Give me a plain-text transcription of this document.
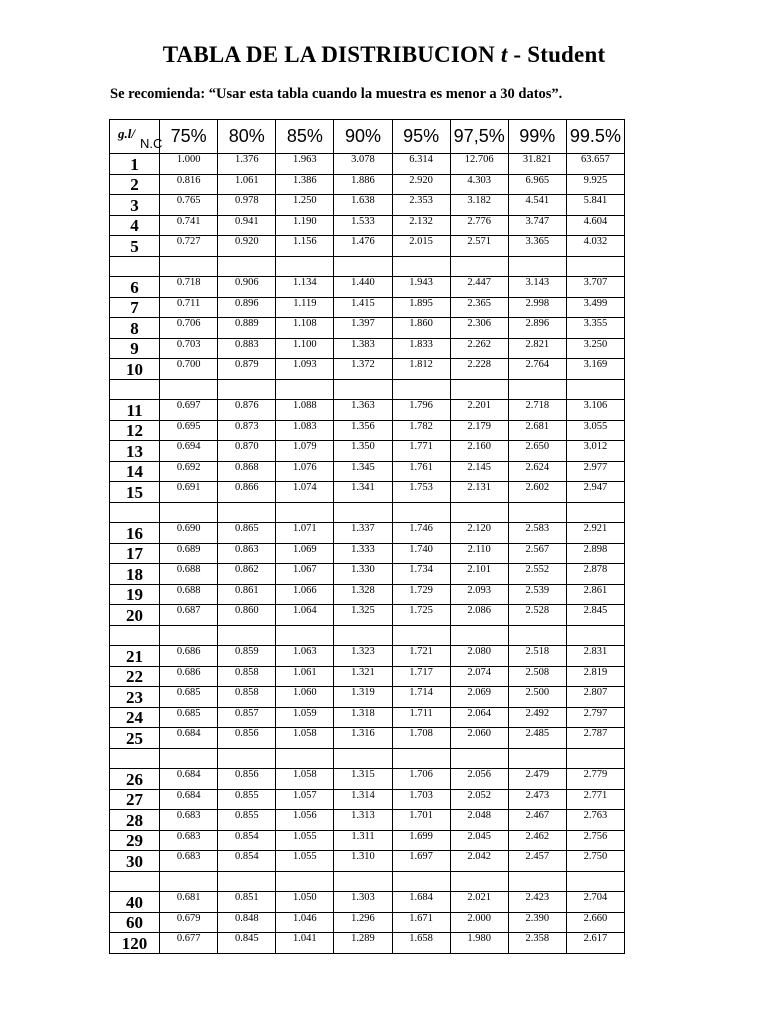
TABLA DE LA DISTRIBUCION t - Student
Se recomienda: “Usar esta tabla cuando la muestra es menor a 30 datos”.
g.l/
N.C	75%	80%	85%	90%	95%	97,5%	99%	99.5%
1	1.000	1.376	1.963	3.078	6.314	12.706	31.821	63.657
2	0.816	1.061	1.386	1.886	2.920	4.303	6.965	9.925
3	0.765	0.978	1.250	1.638	2.353	3.182	4.541	5.841
4	0.741	0.941	1.190	1.533	2.132	2.776	3.747	4.604
5	0.727	0.920	1.156	1.476	2.015	2.571	3.365	4.032

6	0.718	0.906	1.134	1.440	1.943	2.447	3.143	3.707
7	0.711	0.896	1.119	1.415	1.895	2.365	2.998	3.499
8	0.706	0.889	1.108	1.397	1.860	2.306	2.896	3.355
9	0.703	0.883	1.100	1.383	1.833	2.262	2.821	3.250
10	0.700	0.879	1.093	1.372	1.812	2.228	2.764	3.169

11	0.697	0.876	1.088	1.363	1.796	2.201	2.718	3.106
12	0.695	0.873	1.083	1.356	1.782	2.179	2.681	3.055
13	0.694	0.870	1.079	1.350	1.771	2.160	2.650	3.012
14	0.692	0.868	1.076	1.345	1.761	2.145	2.624	2.977
15	0.691	0.866	1.074	1.341	1.753	2.131	2.602	2.947

16	0.690	0.865	1.071	1.337	1.746	2.120	2.583	2.921
17	0.689	0.863	1.069	1.333	1.740	2.110	2.567	2.898
18	0.688	0.862	1.067	1.330	1.734	2.101	2.552	2.878
19	0.688	0.861	1.066	1.328	1.729	2.093	2.539	2.861
20	0.687	0.860	1.064	1.325	1.725	2.086	2.528	2.845

21	0.686	0.859	1.063	1.323	1.721	2.080	2.518	2.831
22	0.686	0.858	1.061	1.321	1.717	2.074	2.508	2.819
23	0.685	0.858	1.060	1.319	1.714	2.069	2.500	2.807
24	0.685	0.857	1.059	1.318	1.711	2.064	2.492	2.797
25	0.684	0.856	1.058	1.316	1.708	2.060	2.485	2.787

26	0.684	0.856	1.058	1.315	1.706	2.056	2.479	2.779
27	0.684	0.855	1.057	1.314	1.703	2.052	2.473	2.771
28	0.683	0.855	1.056	1.313	1.701	2.048	2.467	2.763
29	0.683	0.854	1.055	1.311	1.699	2.045	2.462	2.756
30	0.683	0.854	1.055	1.310	1.697	2.042	2.457	2.750

40	0.681	0.851	1.050	1.303	1.684	2.021	2.423	2.704
60	0.679	0.848	1.046	1.296	1.671	2.000	2.390	2.660
120	0.677	0.845	1.041	1.289	1.658	1.980	2.358	2.617
